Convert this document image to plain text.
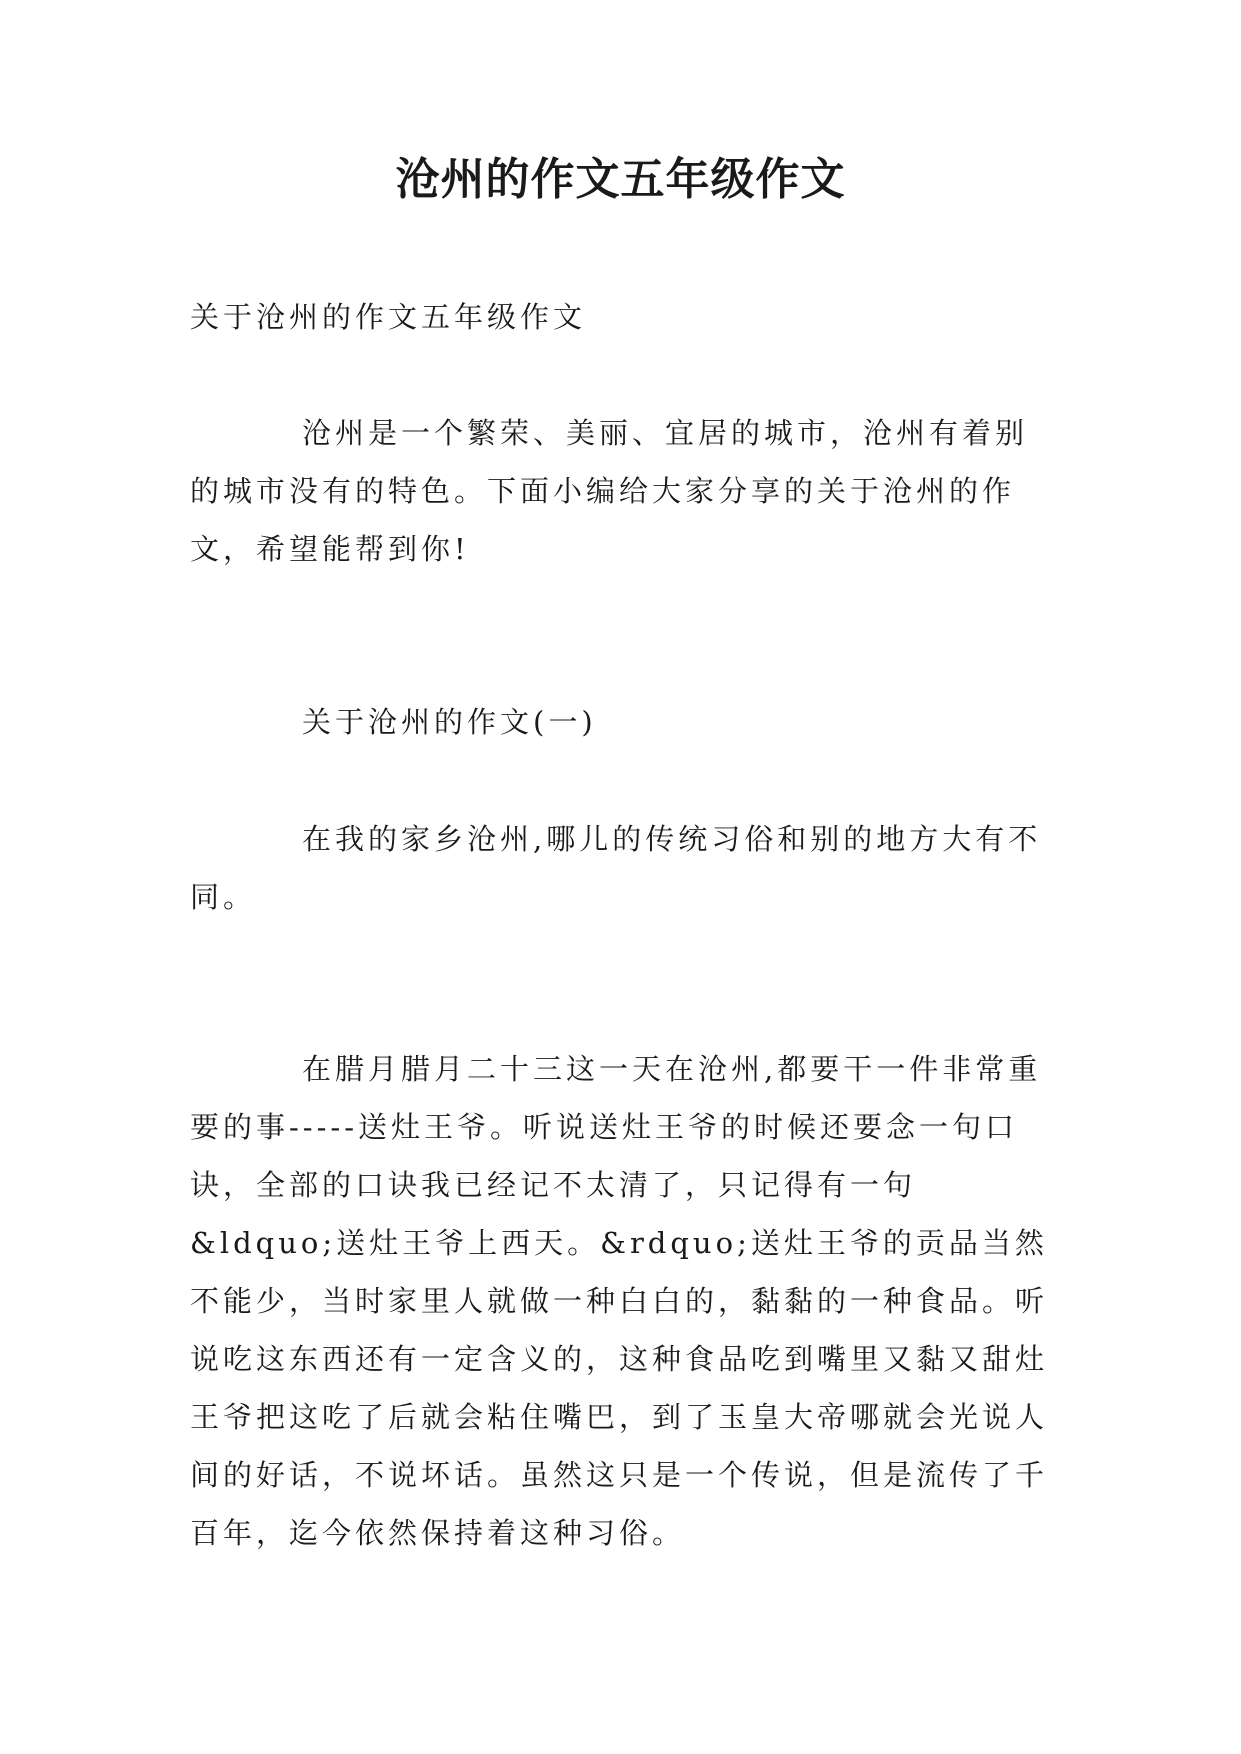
沧州的作文五年级作文

关于沧州的作文五年级作文

沧州是一个繁荣、美丽、宜居的城市，沧州有着别的城市没有的特色。下面小编给大家分享的关于沧州的作文，希望能帮到你!

关于沧州的作文(一)

在我的家乡沧州,哪儿的传统习俗和别的地方大有不同。

在腊月腊月二十三这一天在沧州,都要干一件非常重要的事-----送灶王爷。听说送灶王爷的时候还要念一句口诀，全部的口诀我已经记不太清了，只记得有一句&ldquo;送灶王爷上西天。&rdquo;送灶王爷的贡品当然不能少，当时家里人就做一种白白的，黏黏的一种食品。听说吃这东西还有一定含义的，这种食品吃到嘴里又黏又甜灶王爷把这吃了后就会粘住嘴巴，到了玉皇大帝哪就会光说人间的好话，不说坏话。虽然这只是一个传说，但是流传了千百年，迄今依然保持着这种习俗。
